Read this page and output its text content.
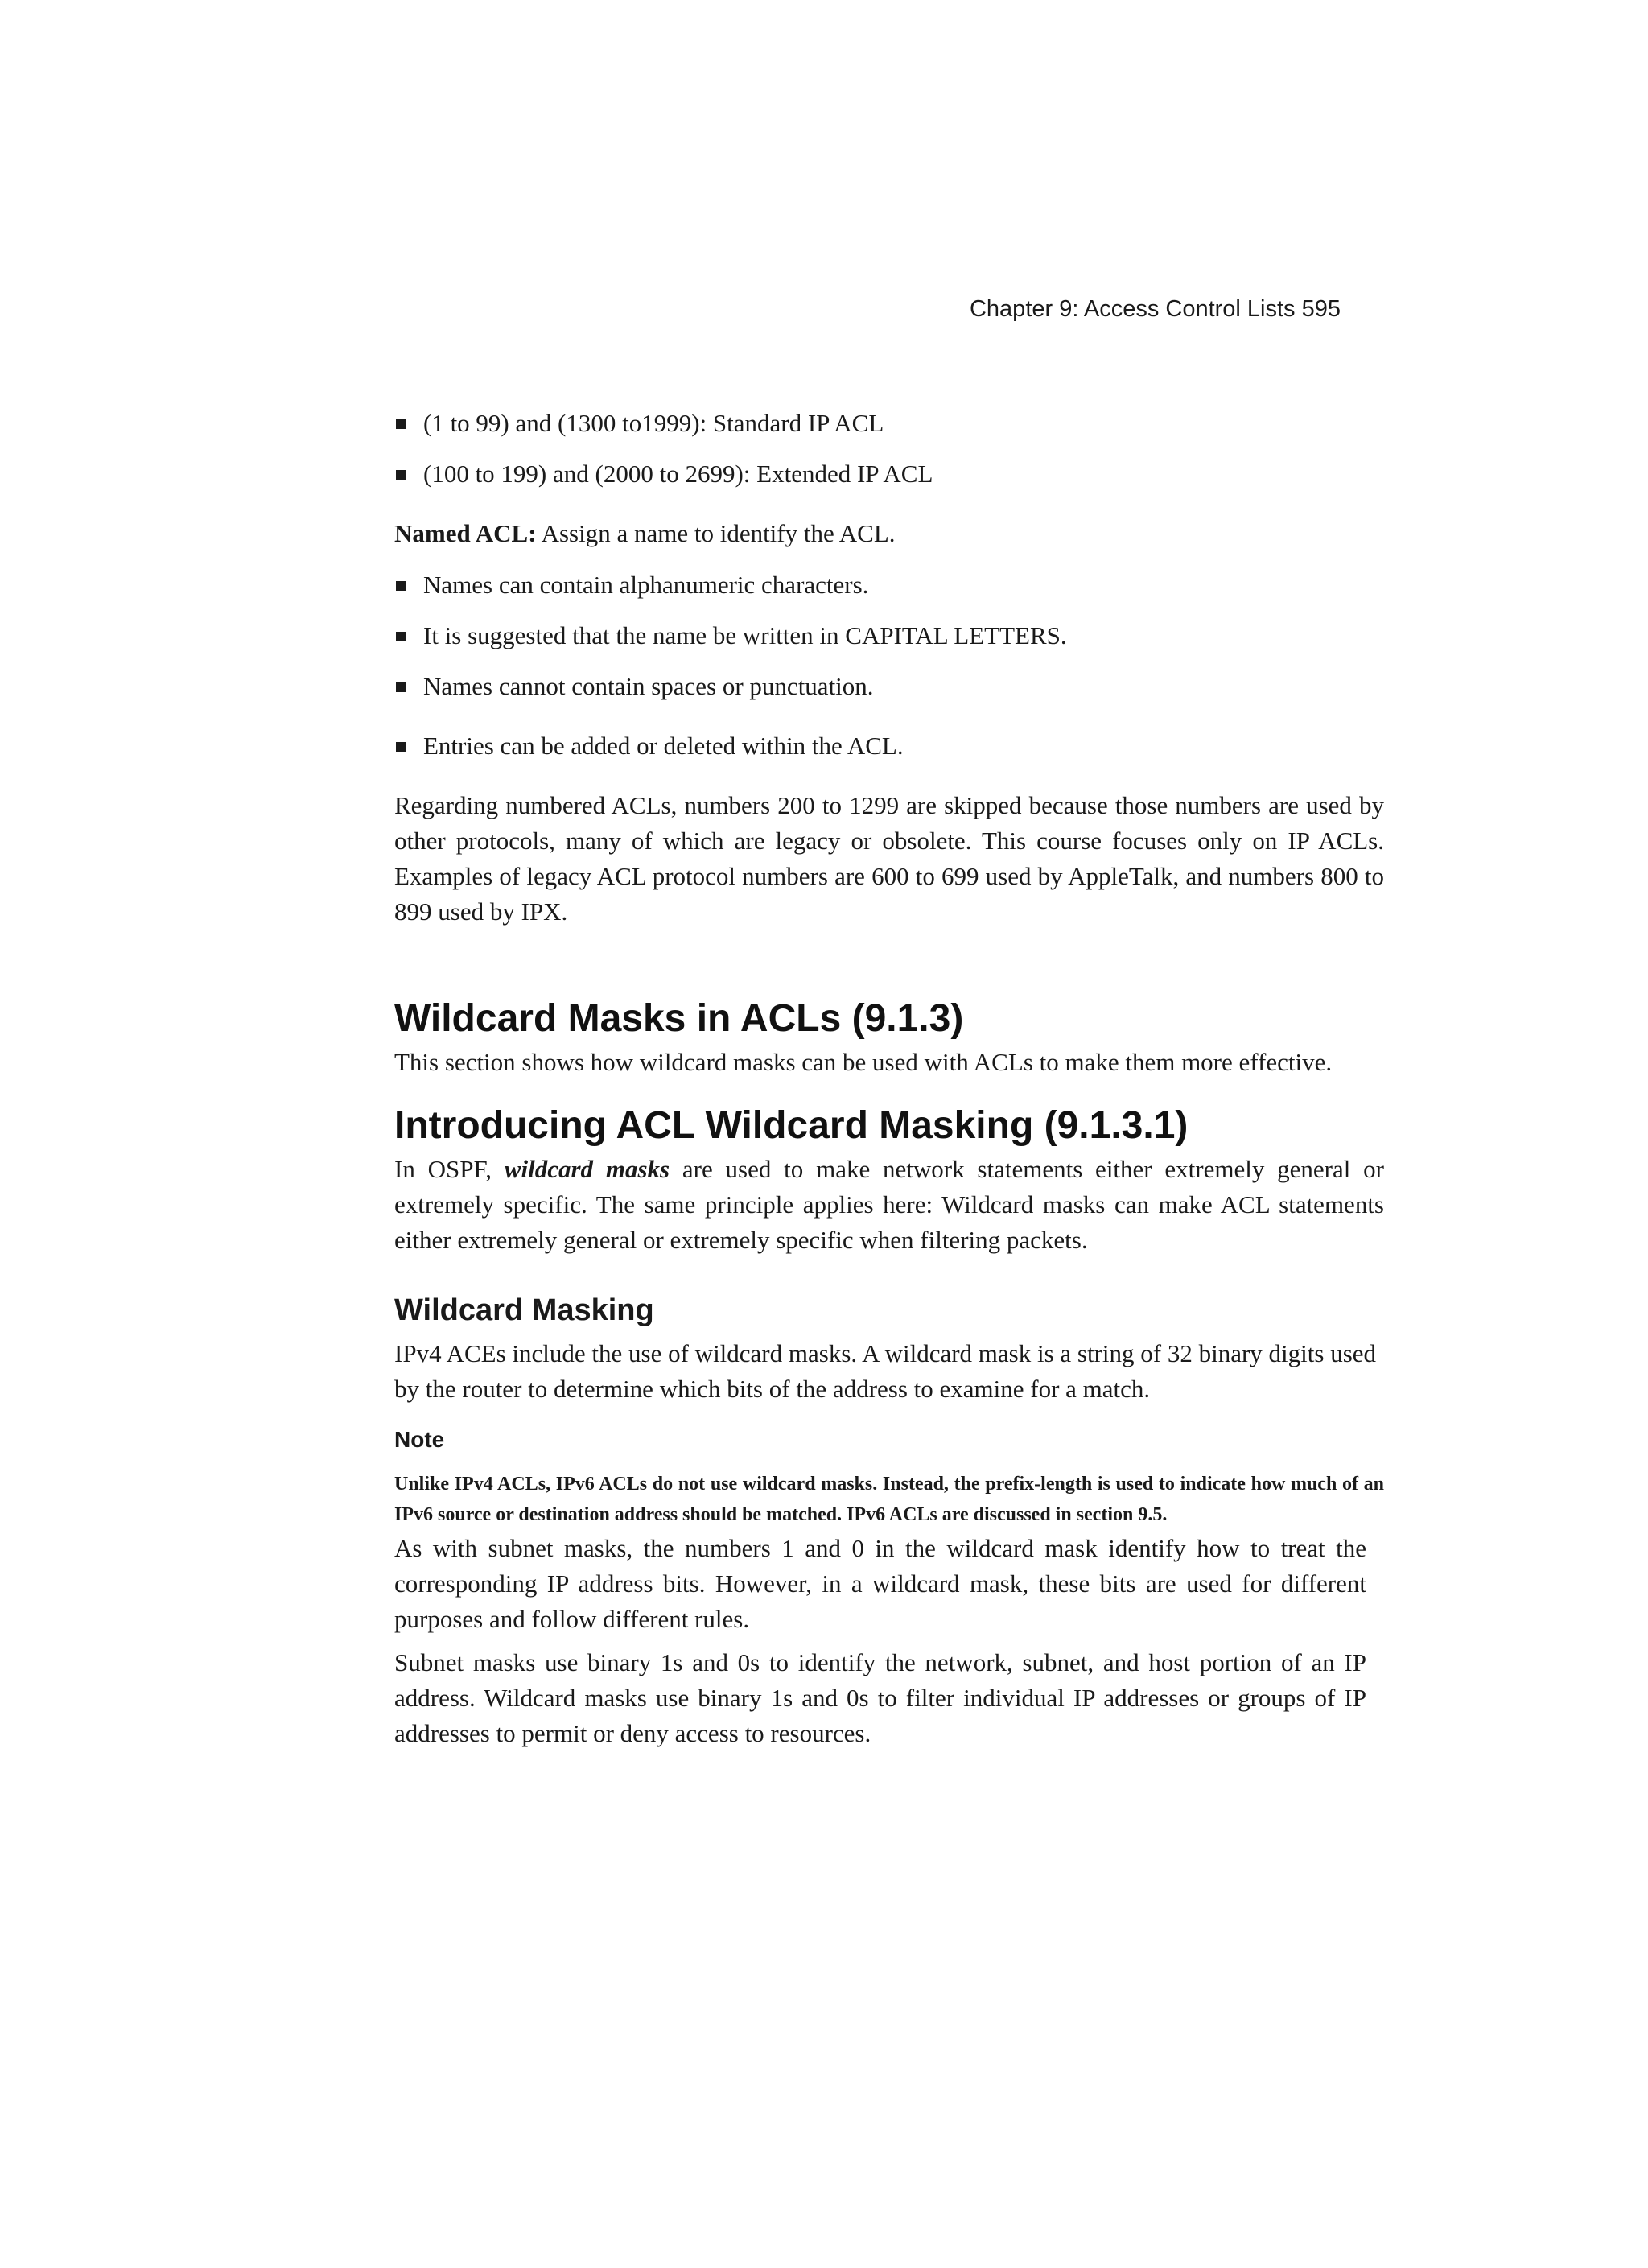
Chapter 9: Access Control Lists 595
(1 to 99) and (1300 to1999): Standard IP ACL
(100 to 199) and (2000 to 2699): Extended IP ACL

Named ACL: Assign a name to identify the ACL.

Names can contain alphanumeric characters.
It is suggested that the name be written in CAPITAL LETTERS.
Names cannot contain spaces or punctuation.
Entries can be added or deleted within the ACL.

Regarding numbered ACLs, numbers 200 to 1299 are skipped because those numbers are used by other protocols, many of which are legacy or obsolete. This course focuses only on IP ACLs. Examples of legacy ACL protocol numbers are 600 to 699 used by AppleTalk, and numbers 800 to 899 used by IPX.

Wildcard Masks in ACLs (9.1.3)

This section shows how wildcard masks can be used with ACLs to make them more effective.

Introducing ACL Wildcard Masking (9.1.3.1)

In OSPF, wildcard masks are used to make network statements either extremely general or extremely specific. The same principle applies here: Wildcard masks can make ACL statements either extremely general or extremely specific when filtering packets.

Wildcard Masking

IPv4 ACEs include the use of wildcard masks. A wildcard mask is a string of 32 binary digits used by the router to determine which bits of the address to examine for a match.

Note

Unlike IPv4 ACLs, IPv6 ACLs do not use wildcard masks. Instead, the prefix-length is used to indicate how much of an IPv6 source or destination address should be matched. IPv6 ACLs are discussed in section 9.5.

As with subnet masks, the numbers 1 and 0 in the wildcard mask identify how to treat the corresponding IP address bits. However, in a wildcard mask, these bits are used for different purposes and follow different rules.

Subnet masks use binary 1s and 0s to identify the network, subnet, and host portion of an IP address. Wildcard masks use binary 1s and 0s to filter individual IP addresses or groups of IP addresses to permit or deny access to resources.
